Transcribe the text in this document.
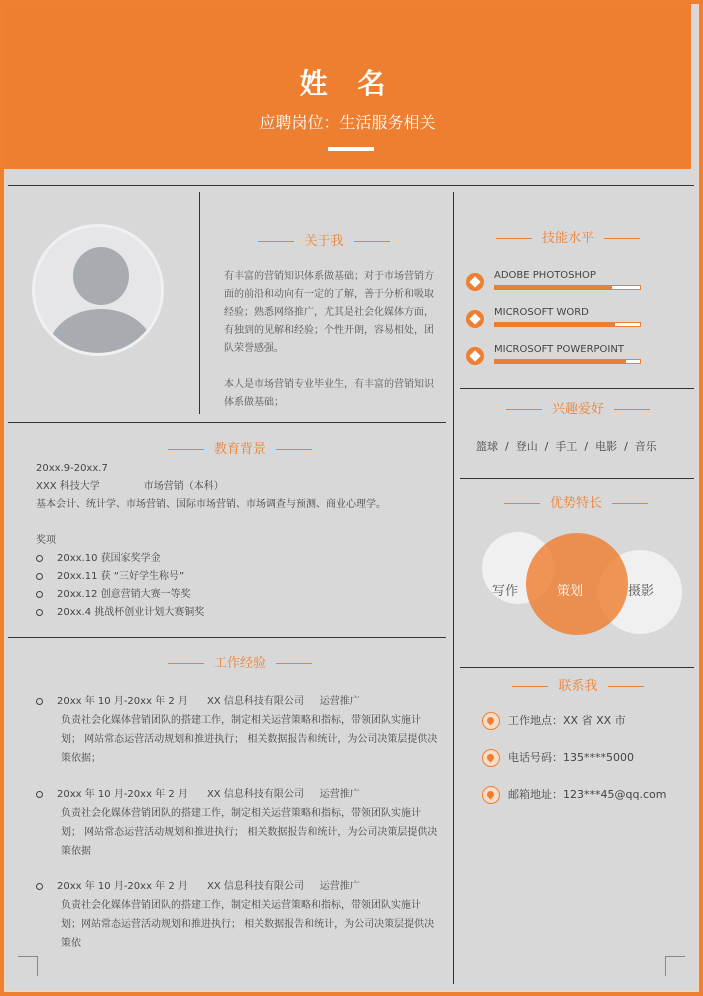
姓 名
应聘岗位：生活服务相关
关于我

有丰富的营销知识体系做基础；对于市场营销方面的前沿和动向有一定的了解，善于分析和吸取经验；熟悉网络推广，尤其是社会化媒体方面，有独到的见解和经验；个性开朗，容易相处，团队荣誉感强。

本人是市场营销专业毕业生，有丰富的营销知识体系做基础；

教育背景
20xx.9-20xx.7
XXX 科技大学	市场营销（本科）
基本会计、统计学、市场营销、国际市场营销、市场调查与预测、商业心理学。
奖项
20xx.10 获国家奖学金
20xx.11 获 “三好学生称号”
20xx.12 创意营销大赛一等奖
20xx.4 挑战杯创业计划大赛铜奖
工作经验
20xx 年 10 月-20xx 年 2 月      XX 信息科技有限公司     运营推广
负责社会化媒体营销团队的搭建工作，制定相关运营策略和指标，带领团队实施计划； 网站常态运营活动规划和推进执行； 相关数据报告和统计，为公司决策层提供决策依据；
20xx 年 10 月-20xx 年 2 月      XX 信息科技有限公司     运营推广
负责社会化媒体营销团队的搭建工作，制定相关运营策略和指标，带领团队实施计划； 网站常态运营活动规划和推进执行； 相关数据报告和统计，为公司决策层提供决策依据
20xx 年 10 月-20xx 年 2 月      XX 信息科技有限公司     运营推广
负责社会化媒体营销团队的搭建工作，制定相关运营策略和指标，带领团队实施计划；网站常态运营活动规划和推进执行； 相关数据报告和统计，为公司决策层提供决策依
技能水平
ADOBE PHOTOSHOP
MICROSOFT WORD
MICROSOFT POWERPOINT
兴趣爱好
篮球  /  登山  /  手工  /  电影  /  音乐
优势特长
写作	策划	摄影
联系我
工作地点：XX 省 XX 市
电话号码：135****5000
邮箱地址：123***45@qq.com
